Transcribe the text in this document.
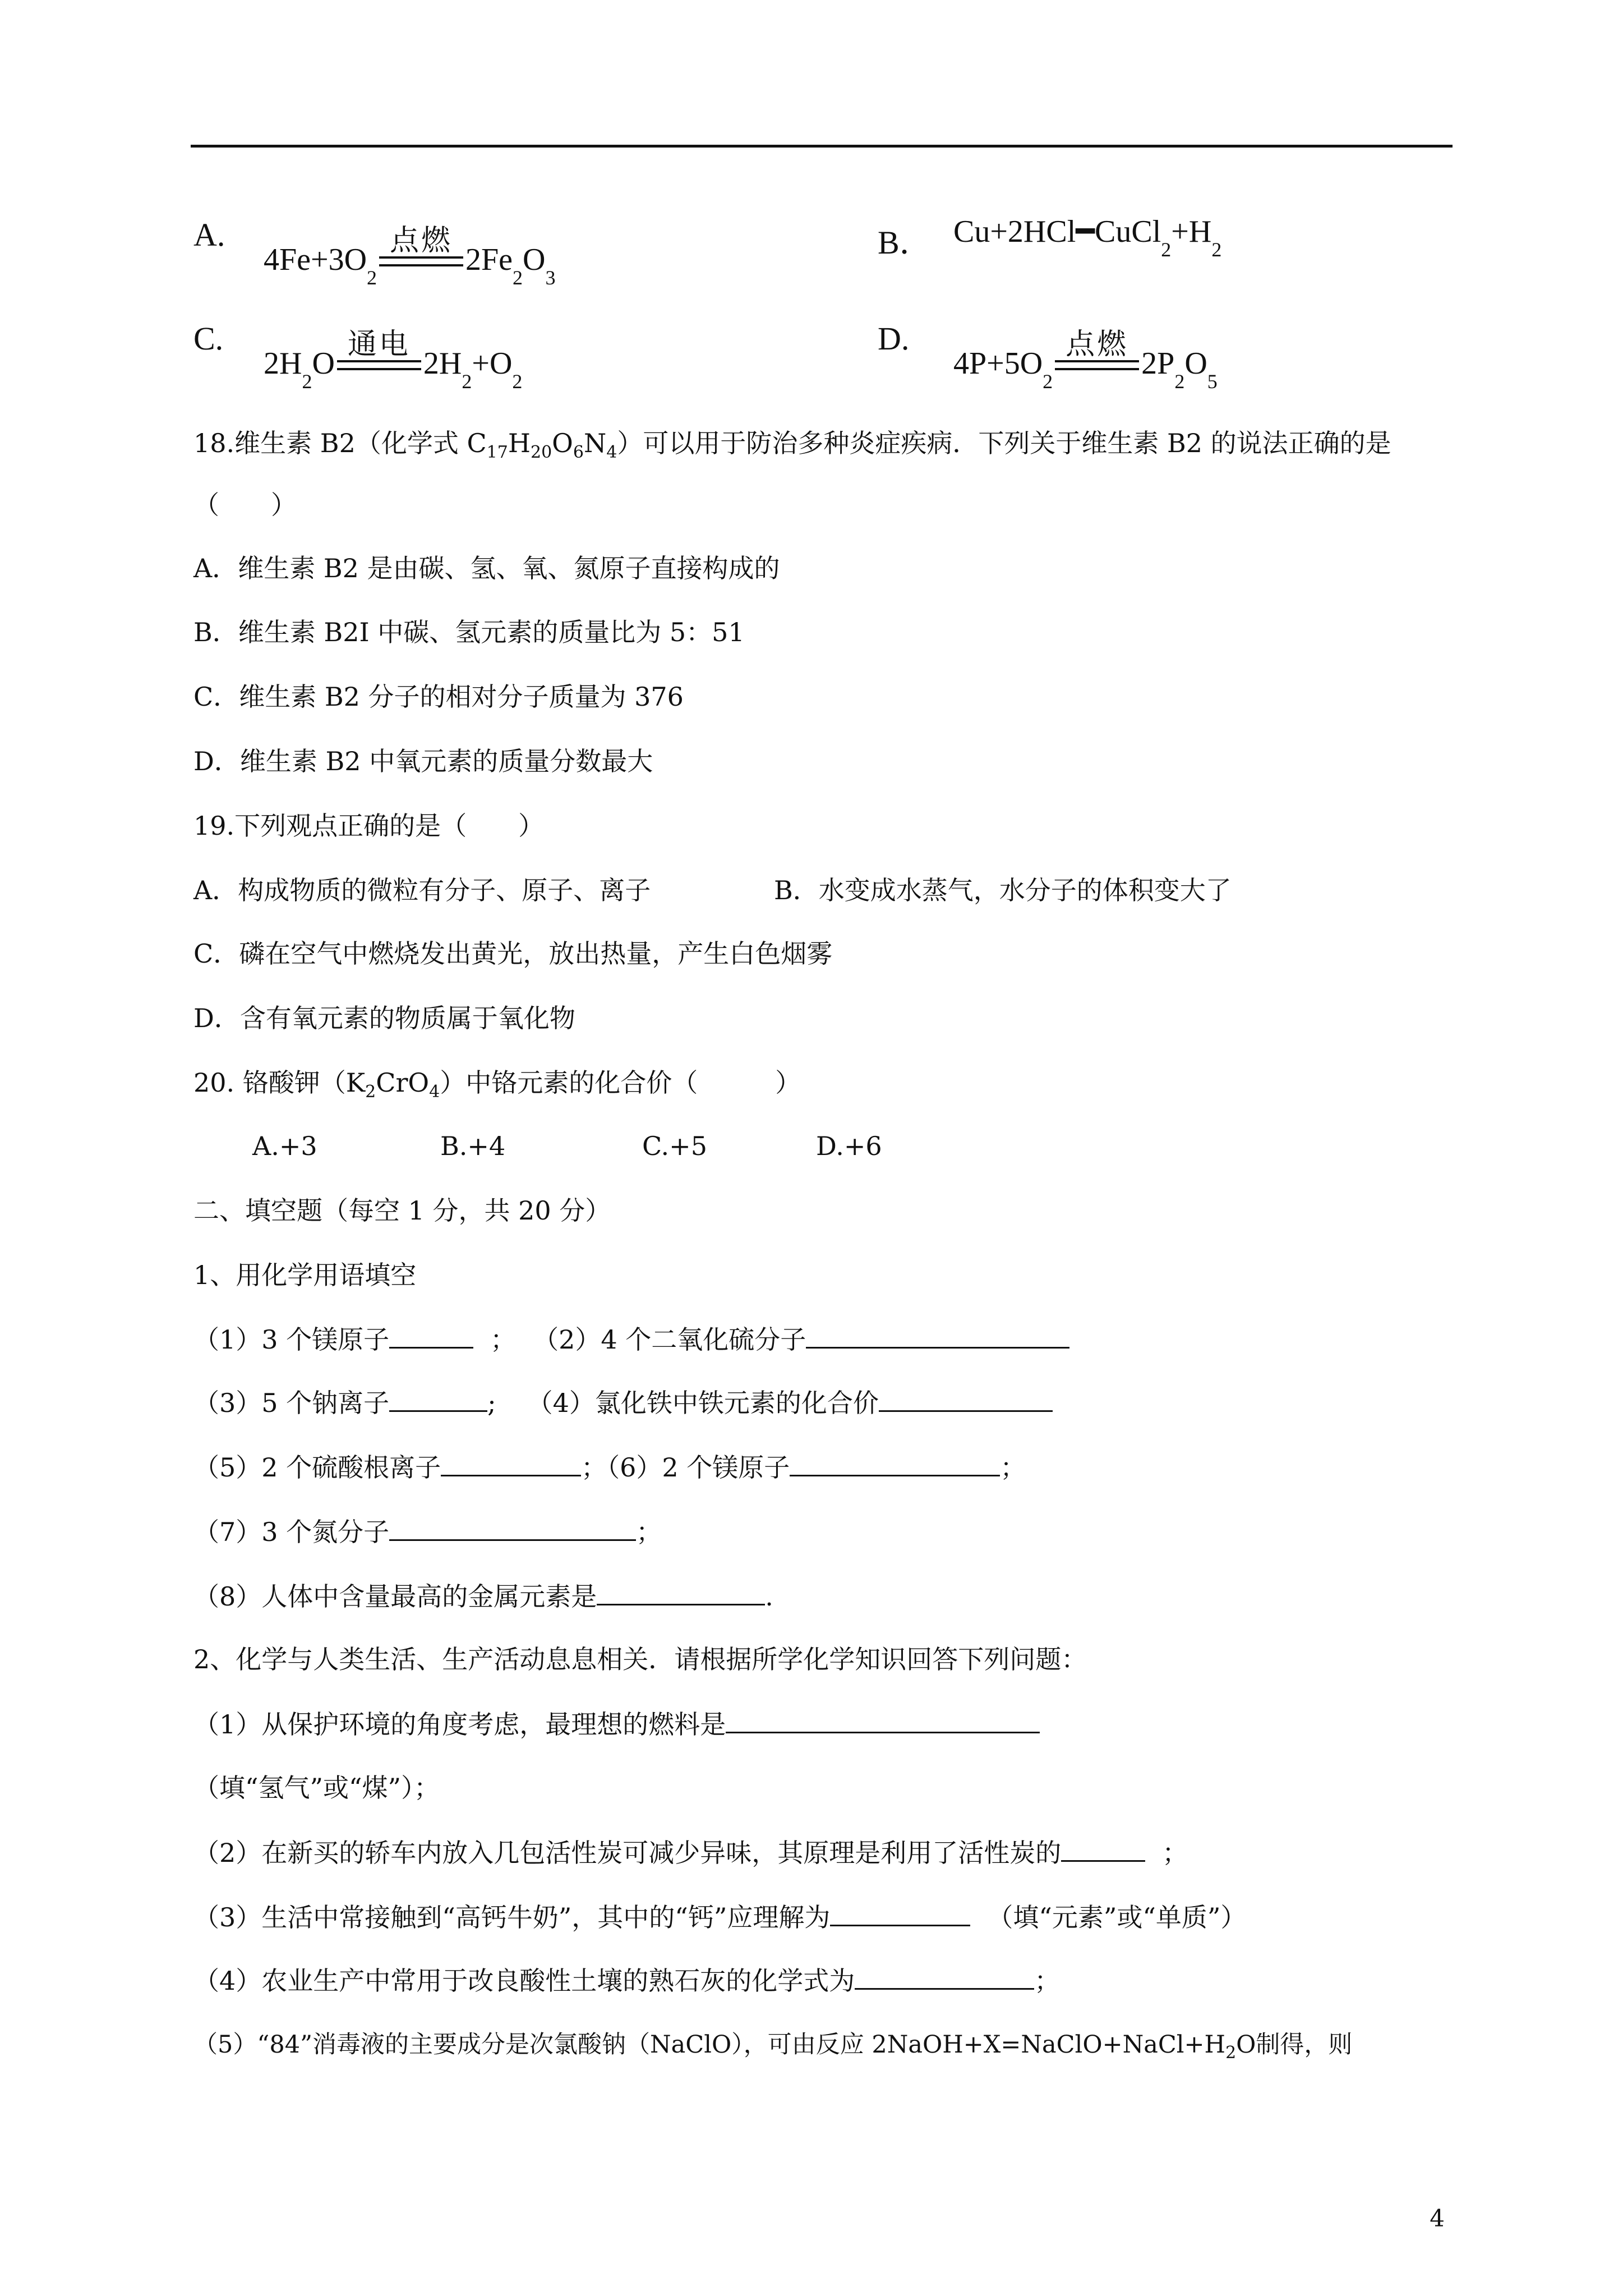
A.
4Fe+3O
2
点燃
2Fe
2
O
3
B． Cu+2HCl ━ CuCl
2
+H
2
C.
2H
2
O
通电
2H
2
+O
2
D.
4P+5O
2
点燃
2P
2
O
5
18.维生素 B2（化学式 $C_{17}H_{20}O_6N_4$）可以用于防治多种炎症疾病．下列关于维生素 B2 的说法正确的是
（　　）
A．维生素 B2 是由碳、氢、氧、氮原子直接构成的
B．维生素 B2I 中碳、氢元素的质量比为 5：51
C．维生素 B2 分子的相对分子质量为 376
D．维生素 B2 中氧元素的质量分数最大
19.下列观点正确的是（　　）
A．构成物质的微粒有分子、原子、离子	B．水变成水蒸气，水分子的体积变大了
C．磷在空气中燃烧发出黄光，放出热量，产生白色烟雾
D．含有氧元素的物质属于氧化物
20. 铬酸钾$(K_2CrO_4)$中铬元素的化合价（　　　）
A.+3	B.+4	C.+5	D.+6
二、填空题（每空 1 分，共 20 分）
1、用化学用语填空
（1）3 个镁原子	； （2）4 个二氧化硫分子
（3）5 个钠离子	; （4）氯化铁中铁元素的化合价
（5）2 个硫酸根离子	；（6）2 个镁原子	；
（7）3 个氮分子	；
（8）人体中含量最高的金属元素是	.
2、化学与人类生活、生产活动息息相关．请根据所学化学知识回答下列问题：
（1）从保护环境的角度考虑，最理想的燃料是
（填“氢气”或“煤”）；
（2）在新买的轿车内放入几包活性炭可减少异味，其原理是利用了活性炭的	；
（3）生活中常接触到“高钙牛奶”，其中的“钙”应理解为	（填“元素”或“单质”）
（4）农业生产中常用于改良酸性土壤的熟石灰的化学式为	；
（5）“84”消毒液的主要成分是次氯酸钠（NaClO），可由反应 $2NaOH+X=NaClO+NaCl+H_2O$制得，则
4
